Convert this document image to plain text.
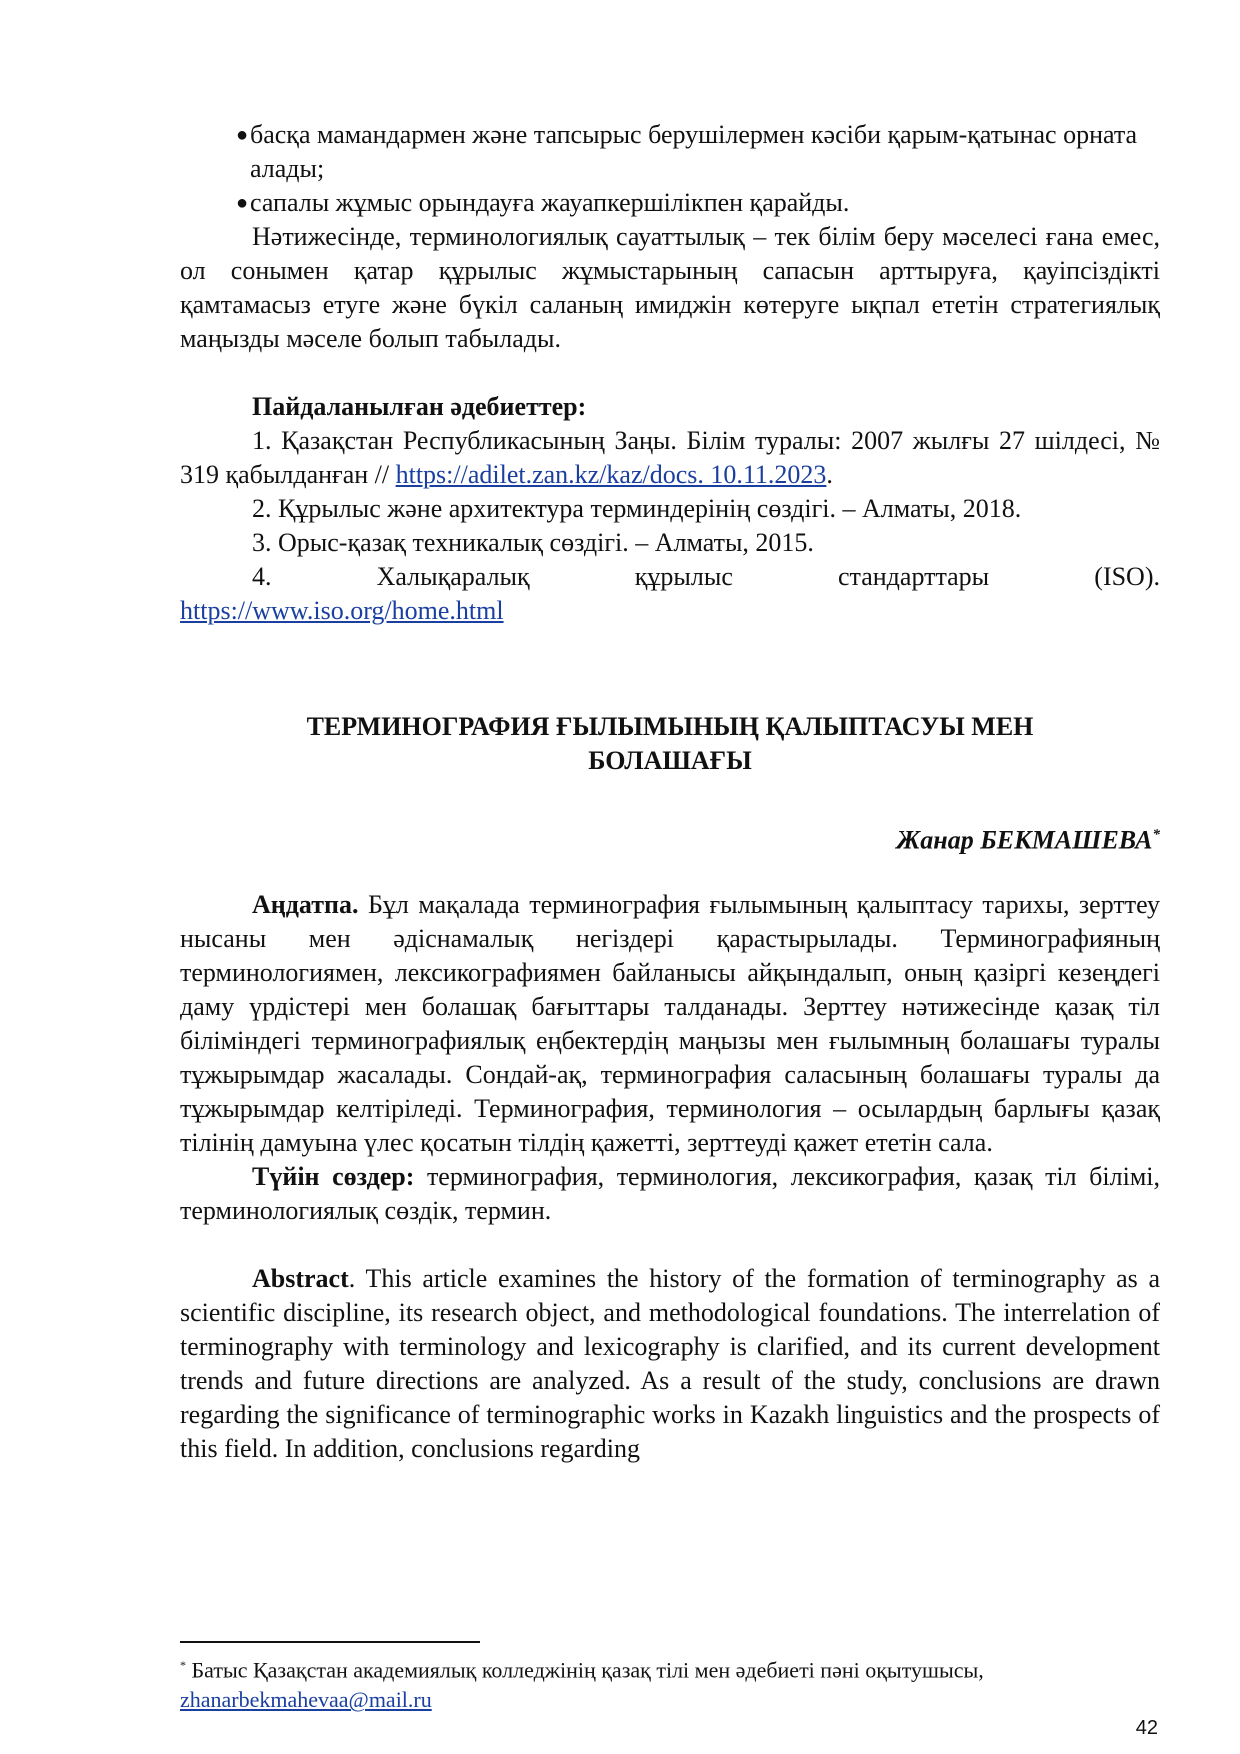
● басқа мамандармен және тапсырыс берушілермен кәсіби қарым-қатынас орната алады;
● сапалы жұмыс орындауға жауапкершілікпен қарайды.

Нәтижесінде, терминологиялық сауаттылық – тек білім беру мәселесі ғана емес, ол сонымен қатар құрылыс жұмыстарының сапасын арттыруға, қауіпсіздікті қамтамасыз етуге және бүкіл саланың имиджін көтеруге ықпал ететін стратегиялық маңызды мәселе болып табылады.

Пайдаланылған әдебиеттер:

1. Қазақстан Республикасының Заңы. Білім туралы: 2007 жылғы 27 шілдесі, № 319 қабылданған // https://adilet.zan.kz/kaz/docs. 10.11.2023.

2. Құрылыс және архитектура терминдерінің сөздігі. – Алматы, 2018.

3. Орыс-қазақ техникалық сөздігі. – Алматы, 2015.

4. Халықаралық құрылыс стандарттары (ISO).

https://www.iso.org/home.html

ТЕРМИНОГРАФИЯ ҒЫЛЫМЫНЫҢ ҚАЛЫПТАСУЫ МЕН
БОЛАШАҒЫ
Жанар БЕКМАШЕВА*

Аңдатпа. Бұл мақалада терминография ғылымының қалыптасу тарихы, зерттеу нысаны мен әдіснамалық негіздері қарастырылады. Терминографияның терминологиямен, лексикографиямен байланысы айқындалып, оның қазіргі кезеңдегі даму үрдістері мен болашақ бағыттары талданады. Зерттеу нәтижесінде қазақ тіл біліміндегі терминографиялық еңбектердің маңызы мен ғылымның болашағы туралы тұжырымдар жасалады. Сондай-ақ, терминография саласының болашағы туралы да тұжырымдар келтіріледі. Терминография, терминология – осылардың барлығы қазақ тілінің дамуына үлес қосатын тілдің қажетті, зерттеуді қажет ететін сала.

Түйін сөздер: терминография, терминология, лексикография, қазақ тіл білімі, терминологиялық сөздік, термин.

Abstract. This article examines the history of the formation of terminography as a scientific discipline, its research object, and methodological foundations. The interrelation of terminography with terminology and lexicography is clarified, and its current development trends and future directions are analyzed. As a result of the study, conclusions are drawn regarding the significance of terminographic works in Kazakh linguistics and the prospects of this field. In addition, conclusions regarding

* Батыс Қазақстан академиялық колледжінің қазақ тілі мен әдебиеті пәні оқытушысы,
zhanarbekmahevaa@mail.ru
42
